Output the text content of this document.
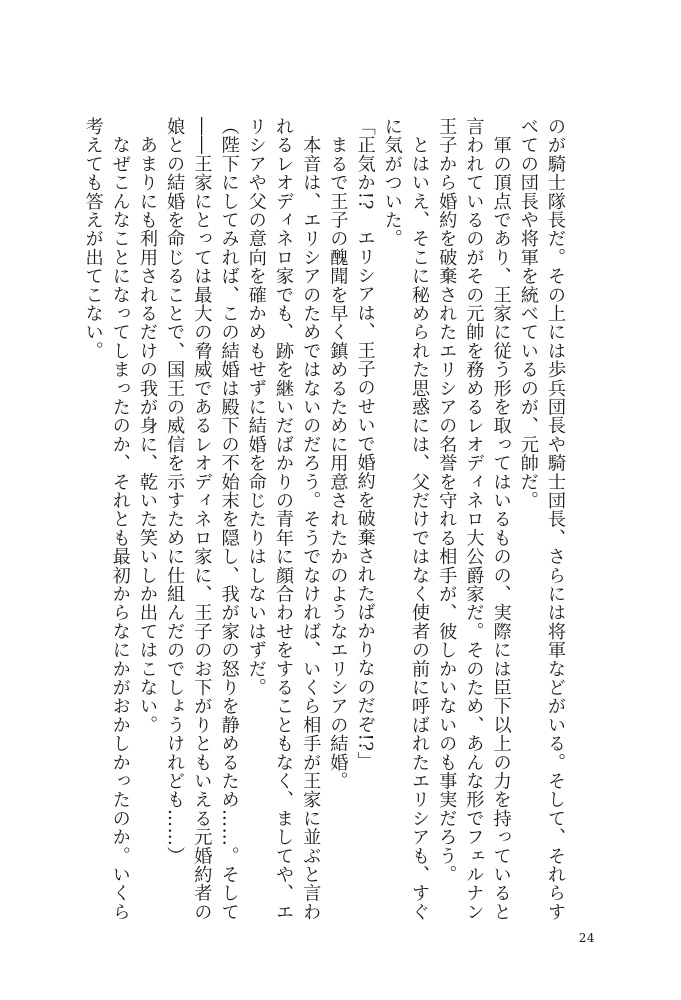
のが騎士隊長だ。その上には歩兵団長や騎士団長、さらには将軍などがいる。そして、それらす
べての団長や将軍を統べているのが、元帥だ。
　軍の頂点であり、王家に従う形を取ってはいるものの、実際には臣下以上の力を持っていると
言われているのがその元帥を務めるレオディネロ大公爵家だ。そのため、あんな形でフェルナン
王子から婚約を破棄されたエリシアの名誉を守れる相手が、彼しかいないのも事実だろう。
　とはいえ、そこに秘められた思惑には、父だけではなく使者の前に呼ばれたエリシアも、すぐ
に気がついた。
「正気か!?　エリシアは、王子のせいで婚約を破棄されたばかりなのだぞ!?」
　まるで王子の醜聞を早く鎮めるために用意されたかのようなエリシアの結婚。
　本音は、エリシアのためではないのだろう。そうでなければ、いくら相手が王家に並ぶと言わ
れるレオディネロ家でも、跡を継いだばかりの青年に顔合わせをすることもなく、ましてや、エ
リシアや父の意向を確かめもせずに結婚を命じたりはしないはずだ。
（陛下にしてみれば、この結婚は殿下の不始末を隠し、我が家の怒りを静めるため……。そして
――王家にとっては最大の脅威であるレオディネロ家に、王子のお下がりともいえる元婚約者の
娘との結婚を命じることで、国王の威信を示すために仕組んだのでしょうけれども……）
　あまりにも利用されるだけの我が身に、乾いた笑いしか出てはこない。
　なぜこんなことになってしまったのか、それとも最初からなにかがおかしかったのか。いくら
考えても答えが出てこない。
24
